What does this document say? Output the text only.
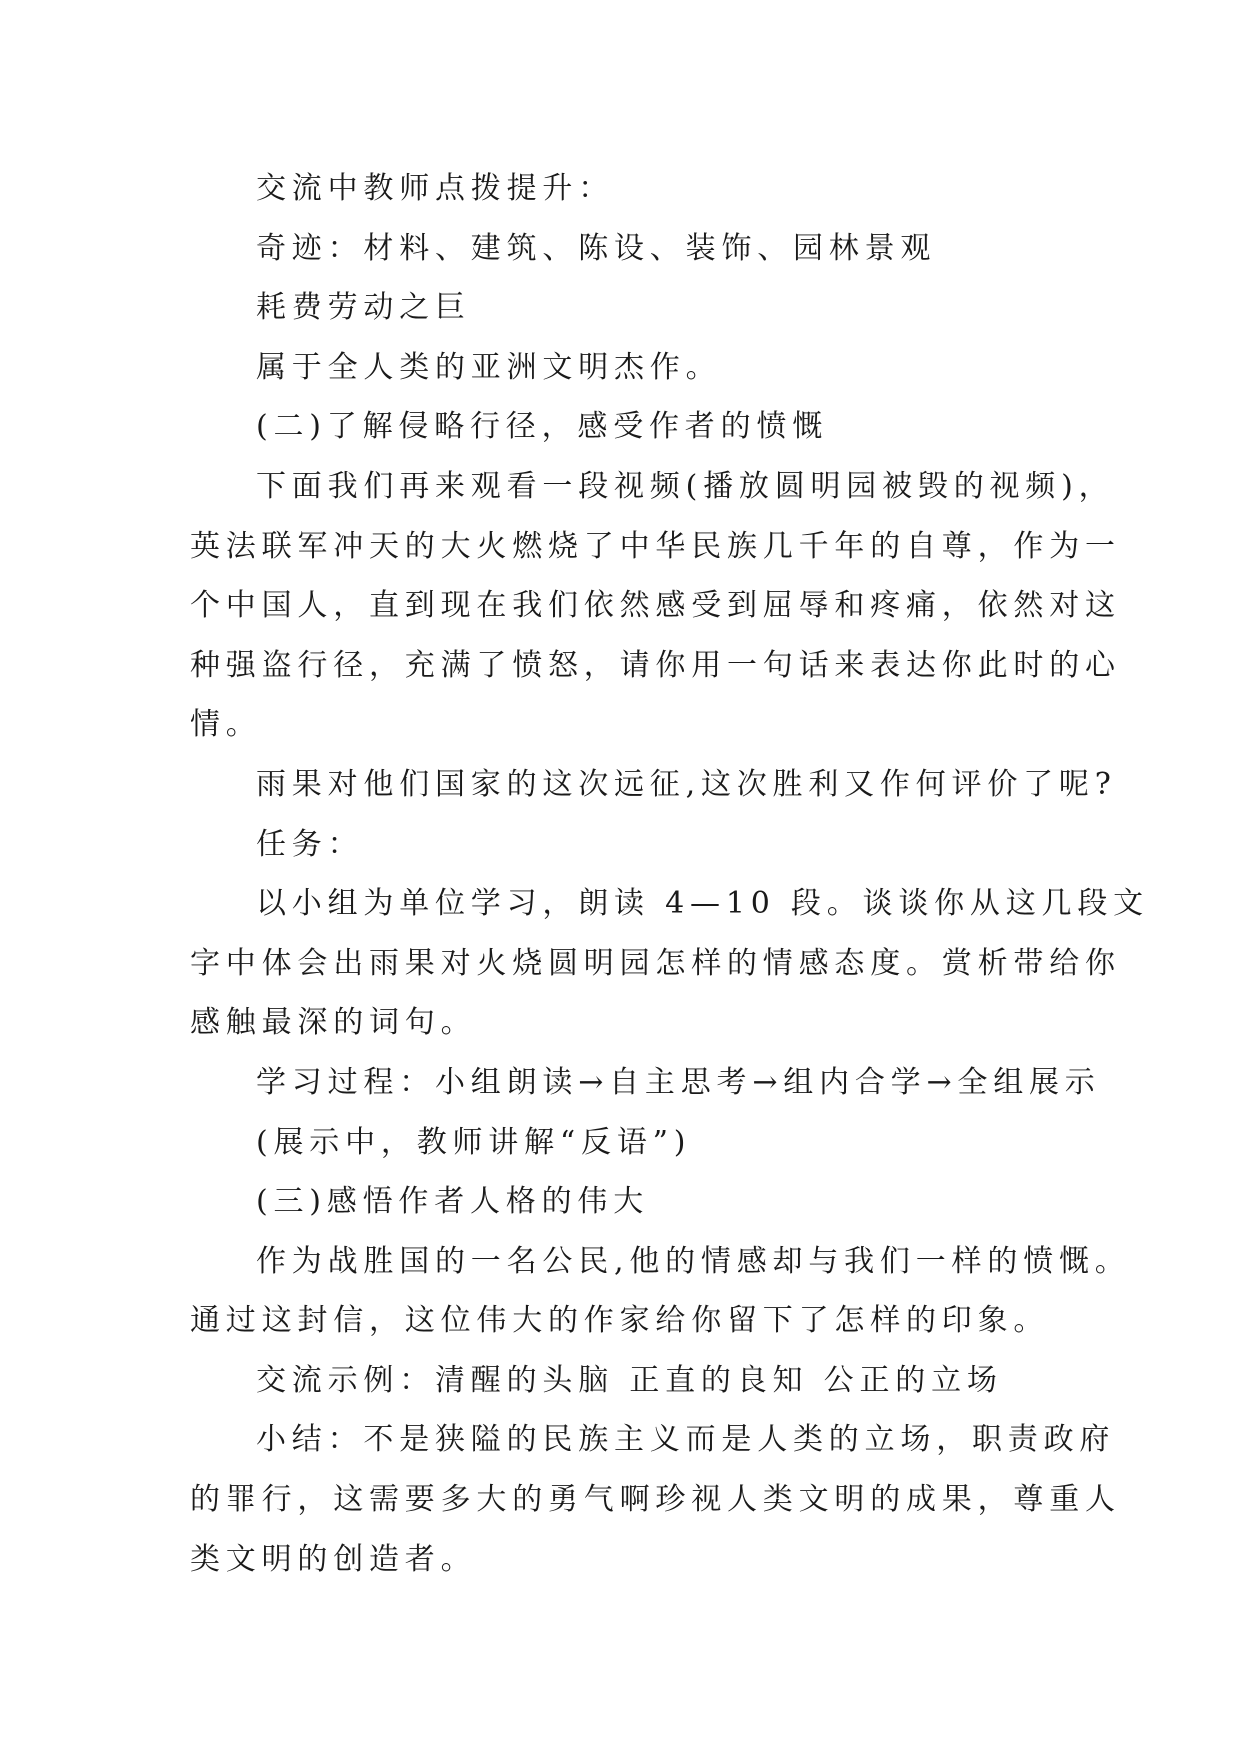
交流中教师点拨提升：
奇迹：材料、建筑、陈设、装饰、园林景观
耗费劳动之巨
属于全人类的亚洲文明杰作。
(二)了解侵略行径，感受作者的愤慨
下面我们再来观看一段视频(播放圆明园被毁的视频)，
英法联军冲天的大火燃烧了中华民族几千年的自尊，作为一
个中国人，直到现在我们依然感受到屈辱和疼痛，依然对这
种强盗行径，充满了愤怒，请你用一句话来表达你此时的心
情。
雨果对他们国家的这次远征,这次胜利又作何评价了呢?
任务：
以小组为单位学习，朗读 4—10 段。谈谈你从这几段文
字中体会出雨果对火烧圆明园怎样的情感态度。赏析带给你
感触最深的词句。
学习过程：小组朗读→自主思考→组内合学→全组展示
(展示中，教师讲解“反语”)
(三)感悟作者人格的伟大
作为战胜国的一名公民,他的情感却与我们一样的愤慨。
通过这封信，这位伟大的作家给你留下了怎样的印象。
交流示例：清醒的头脑 正直的良知 公正的立场
小结：不是狭隘的民族主义而是人类的立场，职责政府
的罪行，这需要多大的勇气啊珍视人类文明的成果，尊重人
类文明的创造者。
